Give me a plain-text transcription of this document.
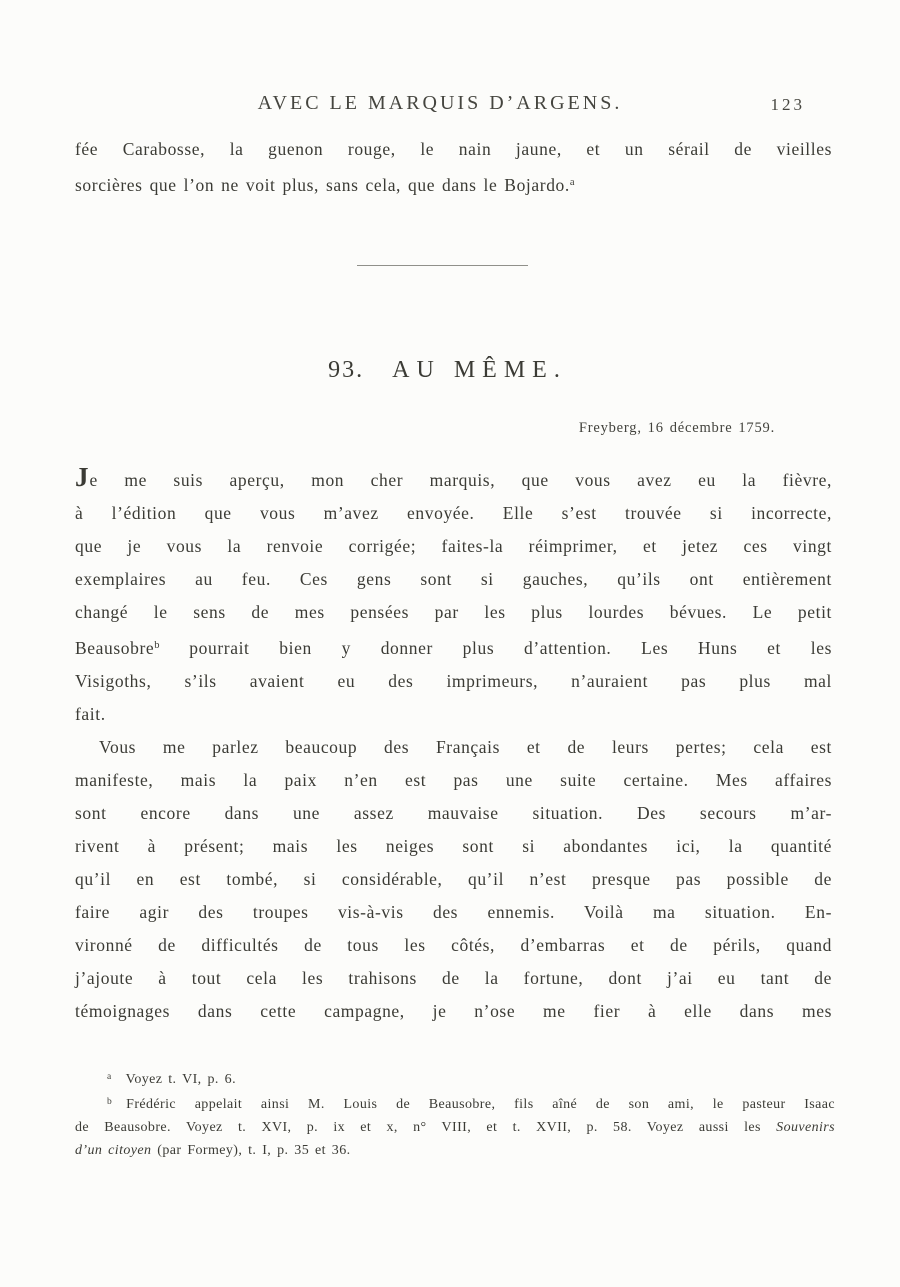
AVEC LE MARQUIS D’ARGENS.	123
fée Carabosse, la guenon rouge, le nain jaune, et un sérail de vieilles
sorcières que l’on ne voit plus, sans cela, que dans le Bojardo.$^a$
93. AU MÊME.
Freyberg, 16 décembre 1759.
Je me suis aperçu, mon cher marquis, que vous avez eu la fièvre,
à l’édition que vous m’avez envoyée. Elle s’est trouvée si incorrecte,
que je vous la renvoie corrigée; faites-la réimprimer, et jetez ces vingt
exemplaires au feu. Ces gens sont si gauches, qu’ils ont entièrement
changé le sens de mes pensées par les plus lourdes bévues. Le petit
Beausobre$^b$ pourrait bien y donner plus d’attention. Les Huns et les
Visigoths, s’ils avaient eu des imprimeurs, n’auraient pas plus mal
fait.
Vous me parlez beaucoup des Français et de leurs pertes; cela est
manifeste, mais la paix n’en est pas une suite certaine. Mes affaires
sont encore dans une assez mauvaise situation. Des secours m’ar-
rivent à présent; mais les neiges sont si abondantes ici, la quantité
qu’il en est tombé, si considérable, qu’il n’est presque pas possible de
faire agir des troupes vis-à-vis des ennemis. Voilà ma situation. En-
vironné de difficultés de tous les côtés, d’embarras et de périls, quand
j’ajoute à tout cela les trahisons de la fortune, dont j’ai eu tant de
témoignages dans cette campagne, je n’ose me fier à elle dans mes
$^a$ Voyez t. VI, p. 6.
$^b$ Frédéric appelait ainsi M. Louis de Beausobre, fils aîné de son ami, le pasteur Isaac
de Beausobre. Voyez t. XVI, p. ix et x, n° VIII, et t. XVII, p. 58. Voyez aussi les Souvenirs
d’un citoyen (par Formey), t. I, p. 35 et 36.
